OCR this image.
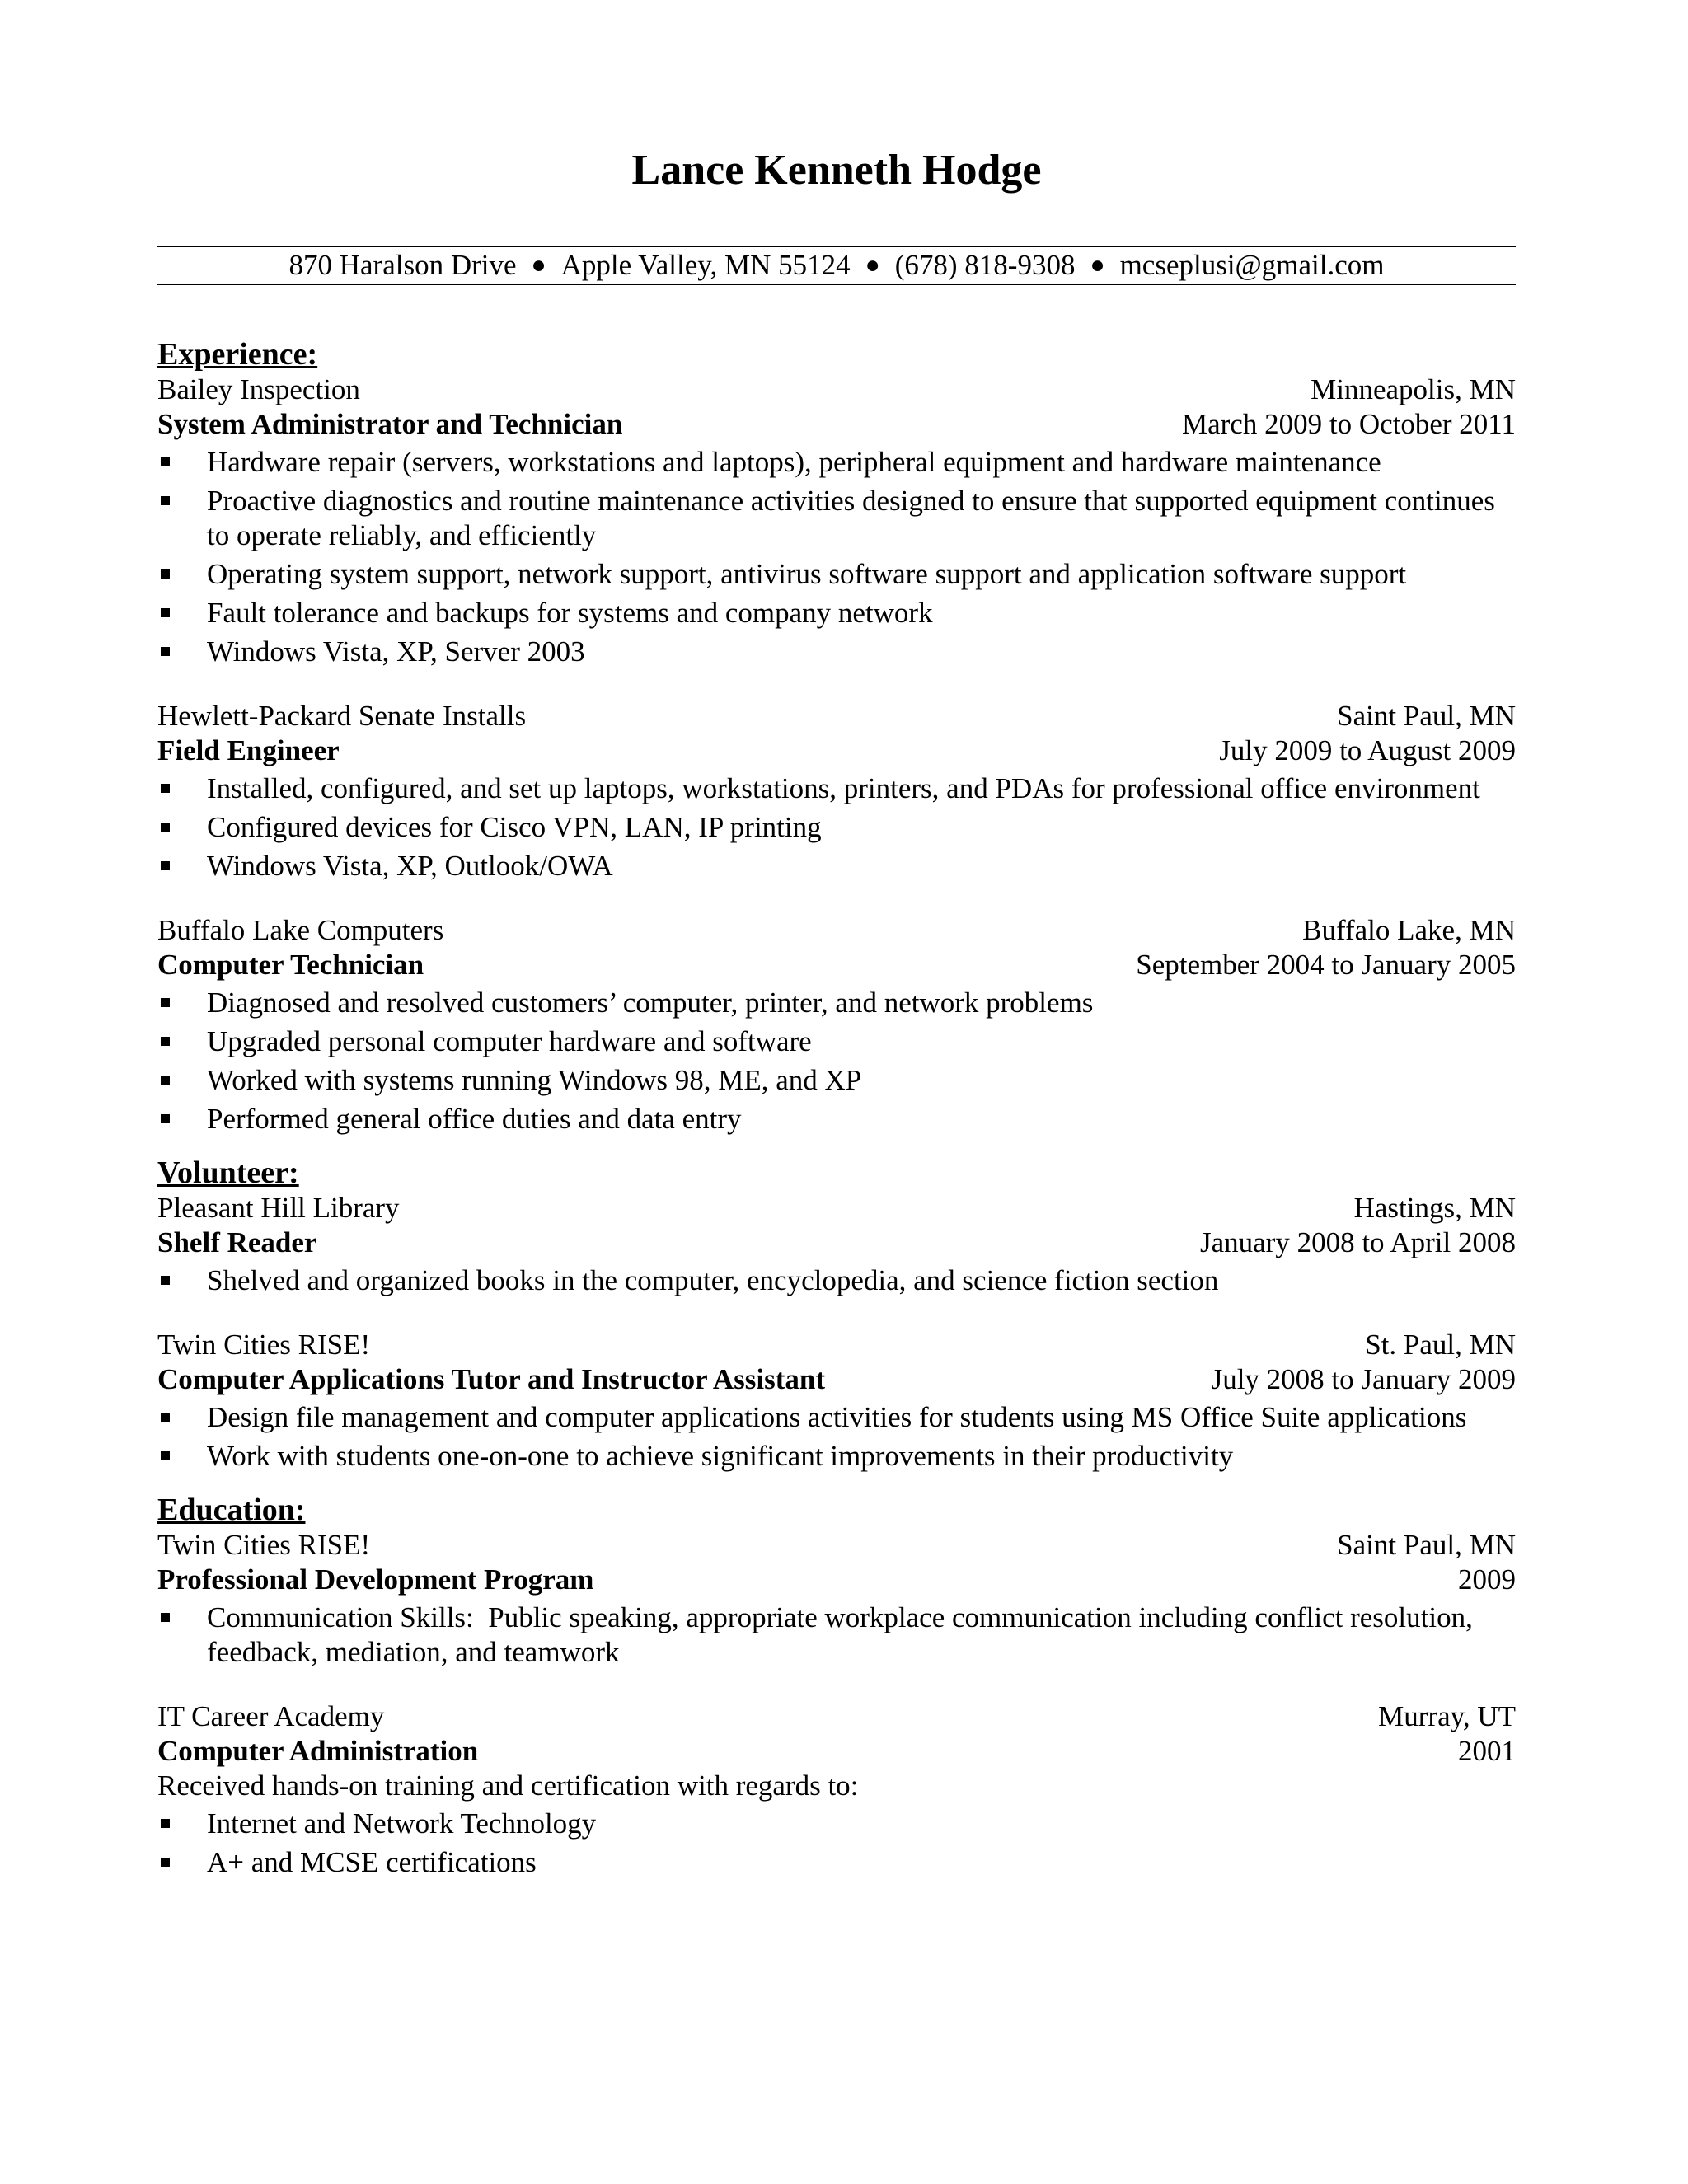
Lance Kenneth Hodge
870 Haralson Drive ● Apple Valley, MN 55124 ● (678) 818-9308 ● mcseplusi@gmail.com
Experience:
Bailey Inspection	Minneapolis, MN
System Administrator and Technician	March 2009 to October 2011
Hardware repair (servers, workstations and laptops), peripheral equipment and hardware maintenance
Proactive diagnostics and routine maintenance activities designed to ensure that supported equipment continues to operate reliably, and efficiently
Operating system support, network support, antivirus software support and application software support
Fault tolerance and backups for systems and company network
Windows Vista, XP, Server 2003
Hewlett-Packard Senate Installs	Saint Paul, MN
Field Engineer	July 2009 to August 2009
Installed, configured, and set up laptops, workstations, printers, and PDAs for professional office environment
Configured devices for Cisco VPN, LAN, IP printing
Windows Vista, XP, Outlook/OWA
Buffalo Lake Computers	Buffalo Lake, MN
Computer Technician	September 2004 to January 2005
Diagnosed and resolved customers’ computer, printer, and network problems
Upgraded personal computer hardware and software
Worked with systems running Windows 98, ME, and XP
Performed general office duties and data entry
Volunteer:
Pleasant Hill Library	Hastings, MN
Shelf Reader	January 2008 to April 2008
Shelved and organized books in the computer, encyclopedia, and science fiction section
Twin Cities RISE!	St. Paul, MN
Computer Applications Tutor and Instructor Assistant	July 2008 to January 2009
Design file management and computer applications activities for students using MS Office Suite applications
Work with students one-on-one to achieve significant improvements in their productivity
Education:
Twin Cities RISE!	Saint Paul, MN
Professional Development Program	2009
Communication Skills:  Public speaking, appropriate workplace communication including conflict resolution, feedback, mediation, and teamwork
IT Career Academy	Murray, UT
Computer Administration	2001
Received hands-on training and certification with regards to:
Internet and Network Technology
A+ and MCSE certifications
